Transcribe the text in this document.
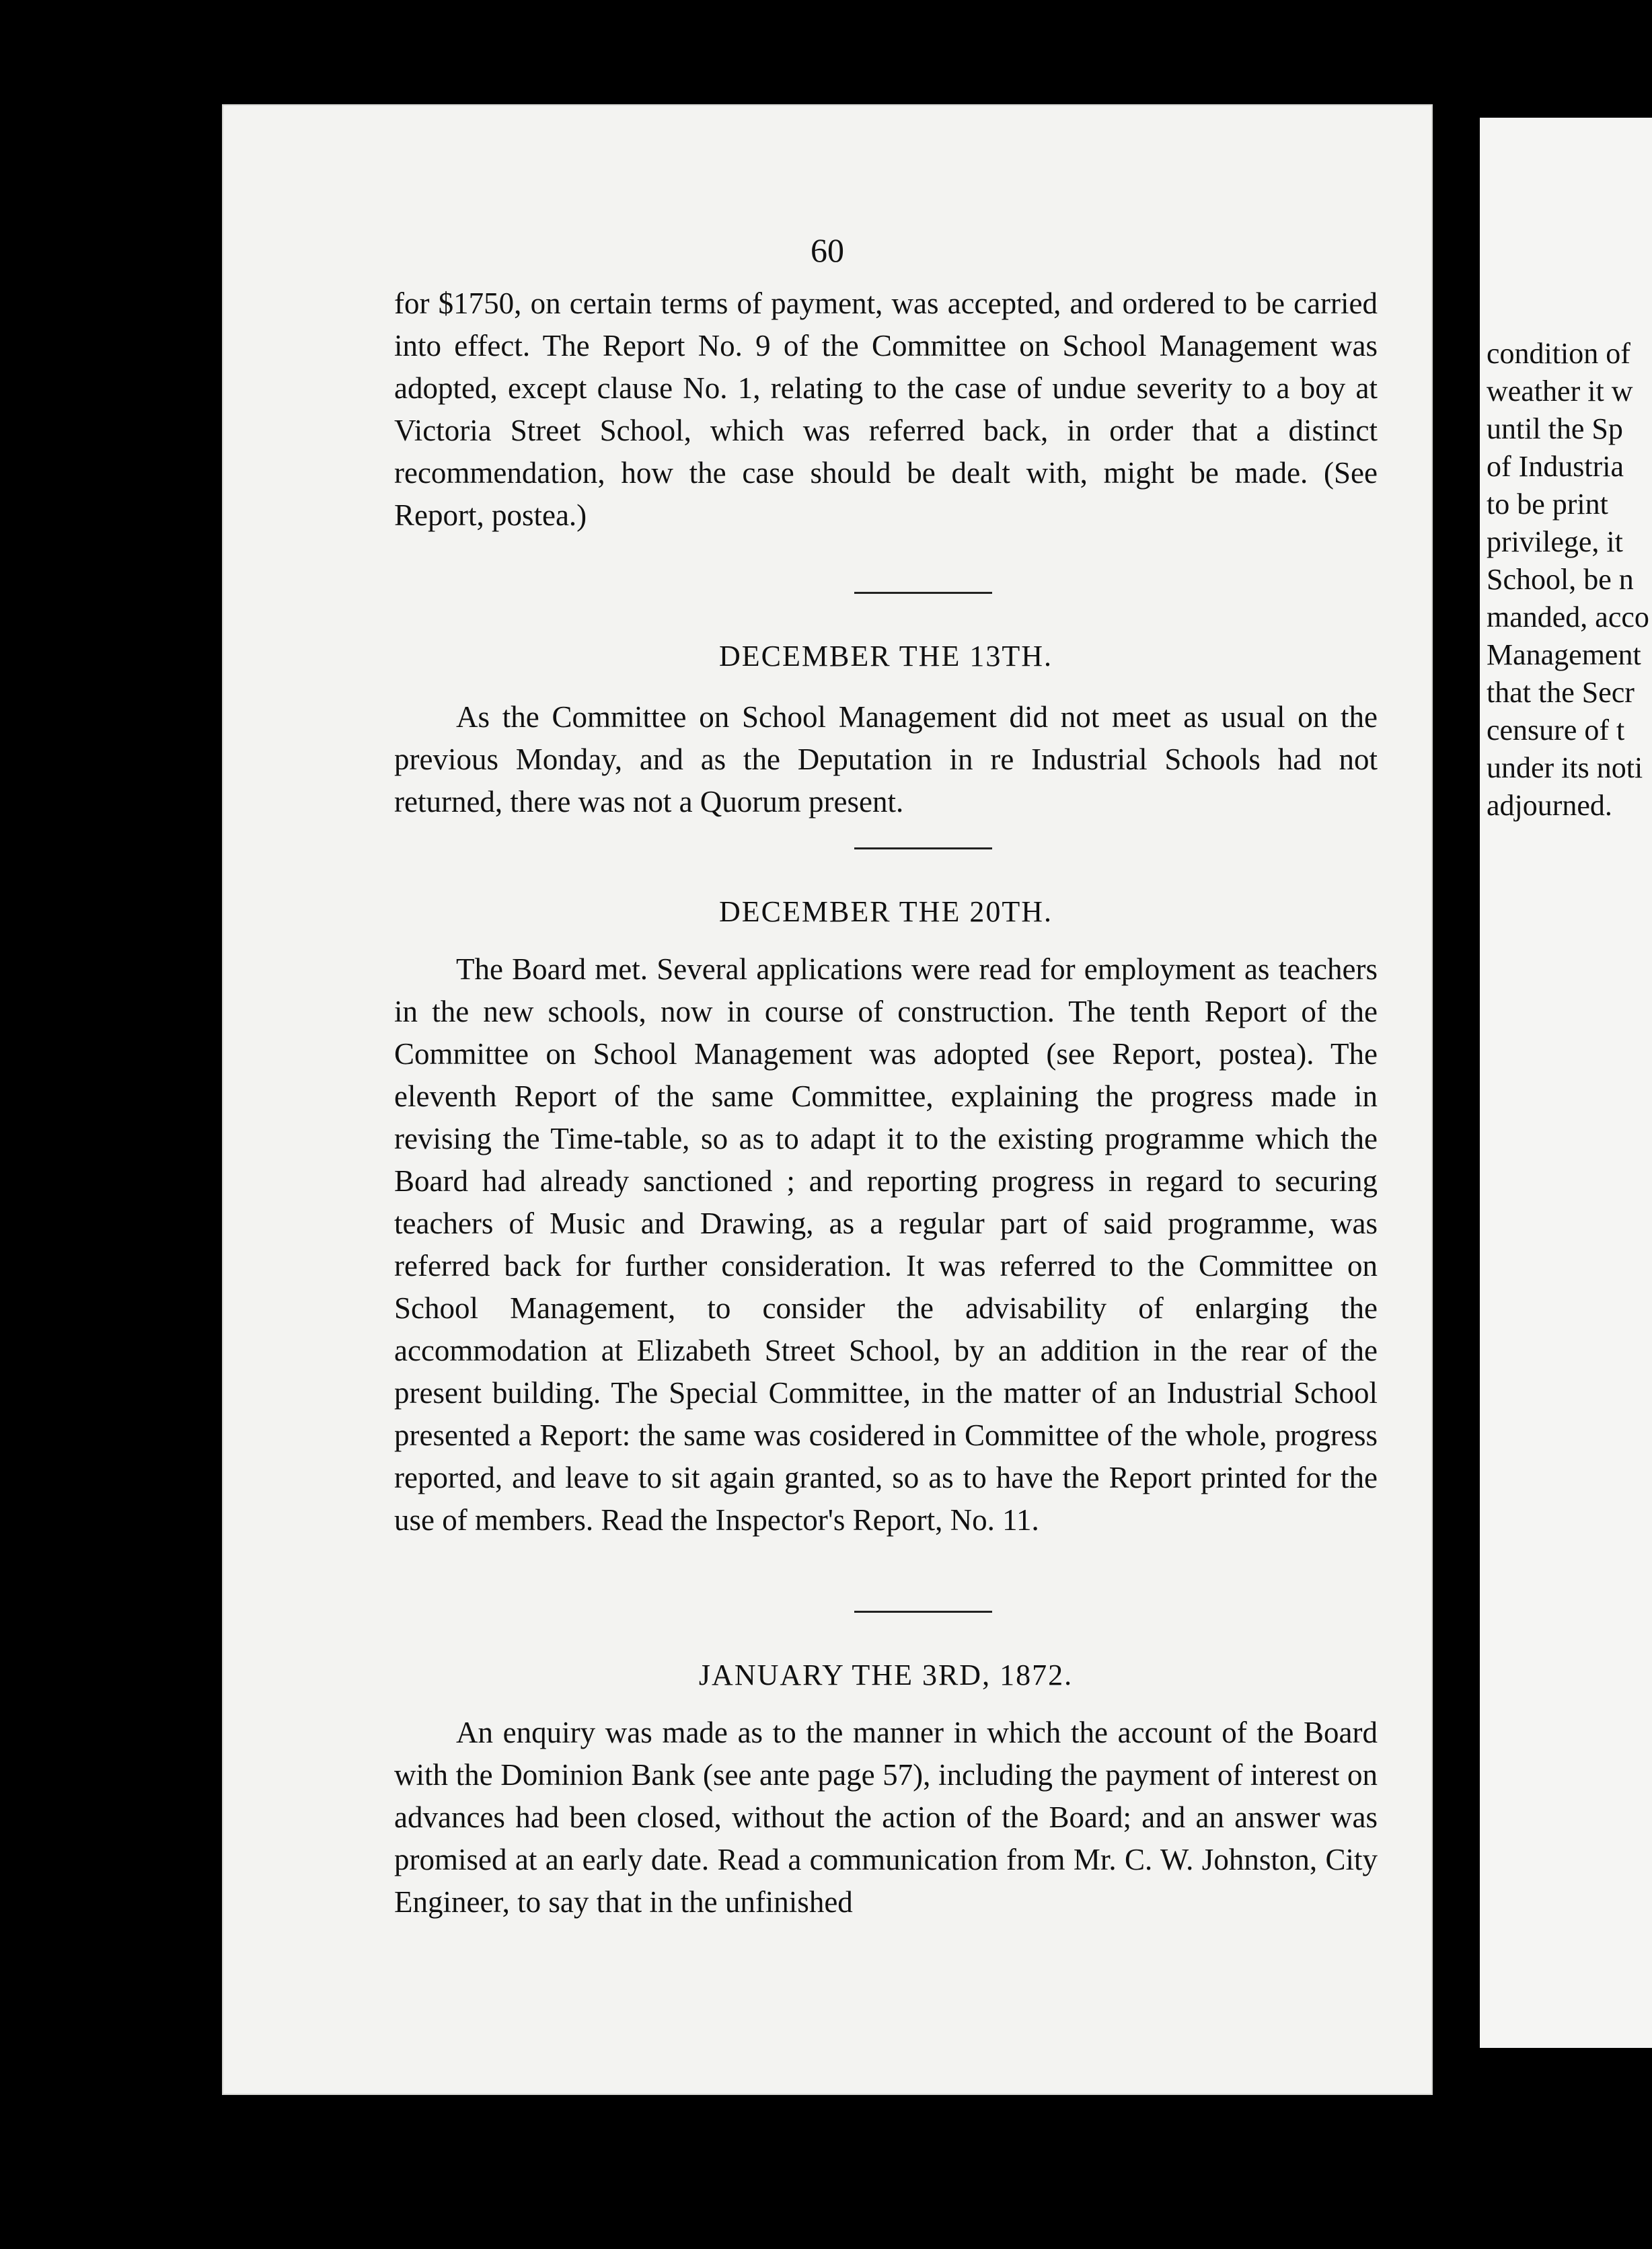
60

for $1750, on certain terms of payment, was accepted, and ordered to be carried into effect. The Report No. 9 of the Committee on School Management was adopted, except clause No. 1, relating to the case of undue severity to a boy at Victoria Street School, which was referred back, in order that a distinct recommendation, how the case should be dealt with, might be made. (See Report, postea.)

DECEMBER THE 13TH.

As the Committee on School Management did not meet as usual on the previous Monday, and as the Deputation in re Industrial Schools had not returned, there was not a Quorum present.

DECEMBER THE 20TH.

The Board met. Several applications were read for employment as teachers in the new schools, now in course of construction. The tenth Report of the Committee on School Management was adopted (see Report, postea). The eleventh Report of the same Committee, explaining the progress made in revising the Time-table, so as to adapt it to the existing programme which the Board had already sanctioned ; and reporting progress in regard to securing teachers of Music and Drawing, as a regular part of said programme, was referred back for further consideration. It was referred to the Committee on School Management, to consider the advisability of enlarging the accommodation at Elizabeth Street School, by an addition in the rear of the present building. The Special Committee, in the matter of an Industrial School presented a Report: the same was cosidered in Committee of the whole, progress reported, and leave to sit again granted, so as to have the Report printed for the use of members. Read the Inspector's Report, No. 11.

JANUARY THE 3RD, 1872.

An enquiry was made as to the manner in which the account of the Board with the Dominion Bank (see ante page 57), including the payment of interest on advances had been closed, without the action of the Board; and an answer was promised at an early date. Read a communication from Mr. C. W. Johnston, City Engineer, to say that in the unfinished

condition of
weather it w
until the Sp
of Industria
to be print
privilege, it
School, be n
manded, acco
Management
that the Secr
censure of t
under its noti
adjourned.
